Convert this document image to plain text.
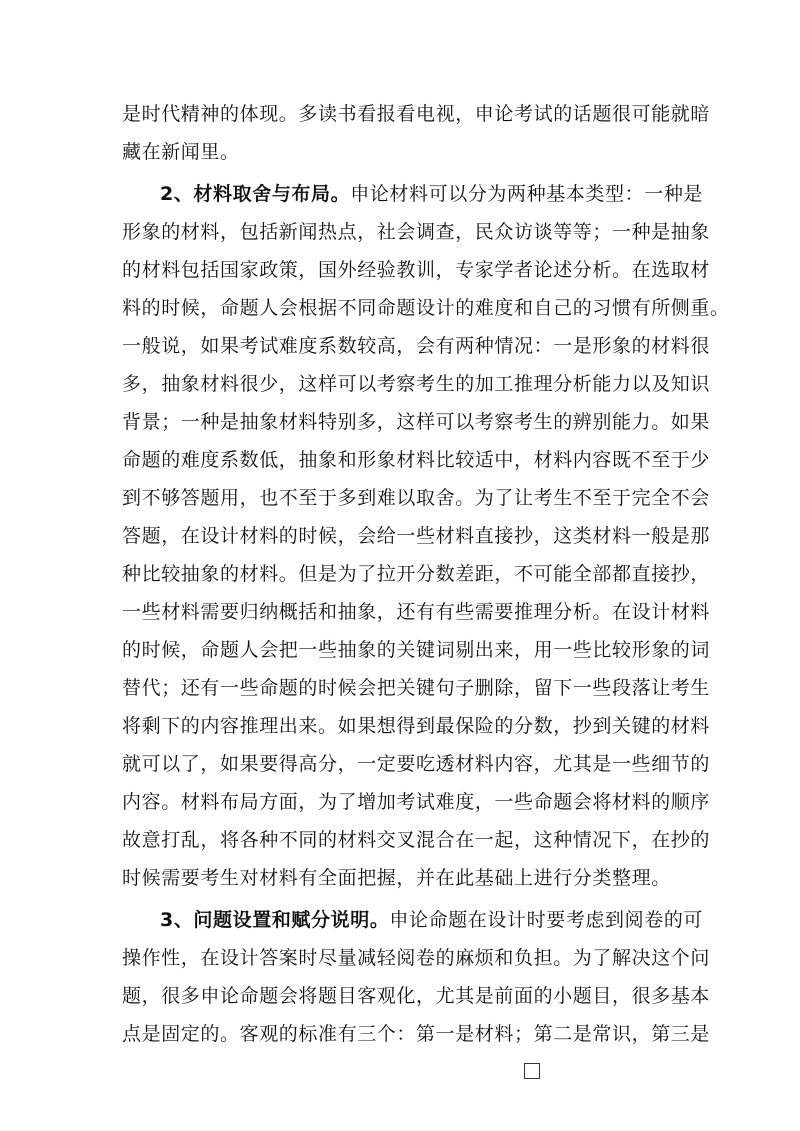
是时代精神的体现。多读书看报看电视，申论考试的话题很可能就暗
藏在新闻里。
2、材料取舍与布局。申论材料可以分为两种基本类型：一种是
形象的材料，包括新闻热点，社会调查，民众访谈等等；一种是抽象
的材料包括国家政策，国外经验教训，专家学者论述分析。在选取材
料的时候，命题人会根据不同命题设计的难度和自己的习惯有所侧重。
一般说，如果考试难度系数较高，会有两种情况：一是形象的材料很
多，抽象材料很少，这样可以考察考生的加工推理分析能力以及知识
背景；一种是抽象材料特别多，这样可以考察考生的辨别能力。如果
命题的难度系数低，抽象和形象材料比较适中，材料内容既不至于少
到不够答题用，也不至于多到难以取舍。为了让考生不至于完全不会
答题，在设计材料的时候，会给一些材料直接抄，这类材料一般是那
种比较抽象的材料。但是为了拉开分数差距，不可能全部都直接抄，
一些材料需要归纳概括和抽象，还有有些需要推理分析。在设计材料
的时候，命题人会把一些抽象的关键词剔出来，用一些比较形象的词
替代；还有一些命题的时候会把关键句子删除，留下一些段落让考生
将剩下的内容推理出来。如果想得到最保险的分数，抄到关键的材料
就可以了，如果要得高分，一定要吃透材料内容，尤其是一些细节的
内容。材料布局方面，为了增加考试难度，一些命题会将材料的顺序
故意打乱，将各种不同的材料交叉混合在一起，这种情况下，在抄的
时候需要考生对材料有全面把握，并在此基础上进行分类整理。
3、问题设置和赋分说明。申论命题在设计时要考虑到阅卷的可
操作性，在设计答案时尽量减轻阅卷的麻烦和负担。为了解决这个问
题，很多申论命题会将题目客观化，尤其是前面的小题目，很多基本
点是固定的。客观的标准有三个：第一是材料；第二是常识，第三是
